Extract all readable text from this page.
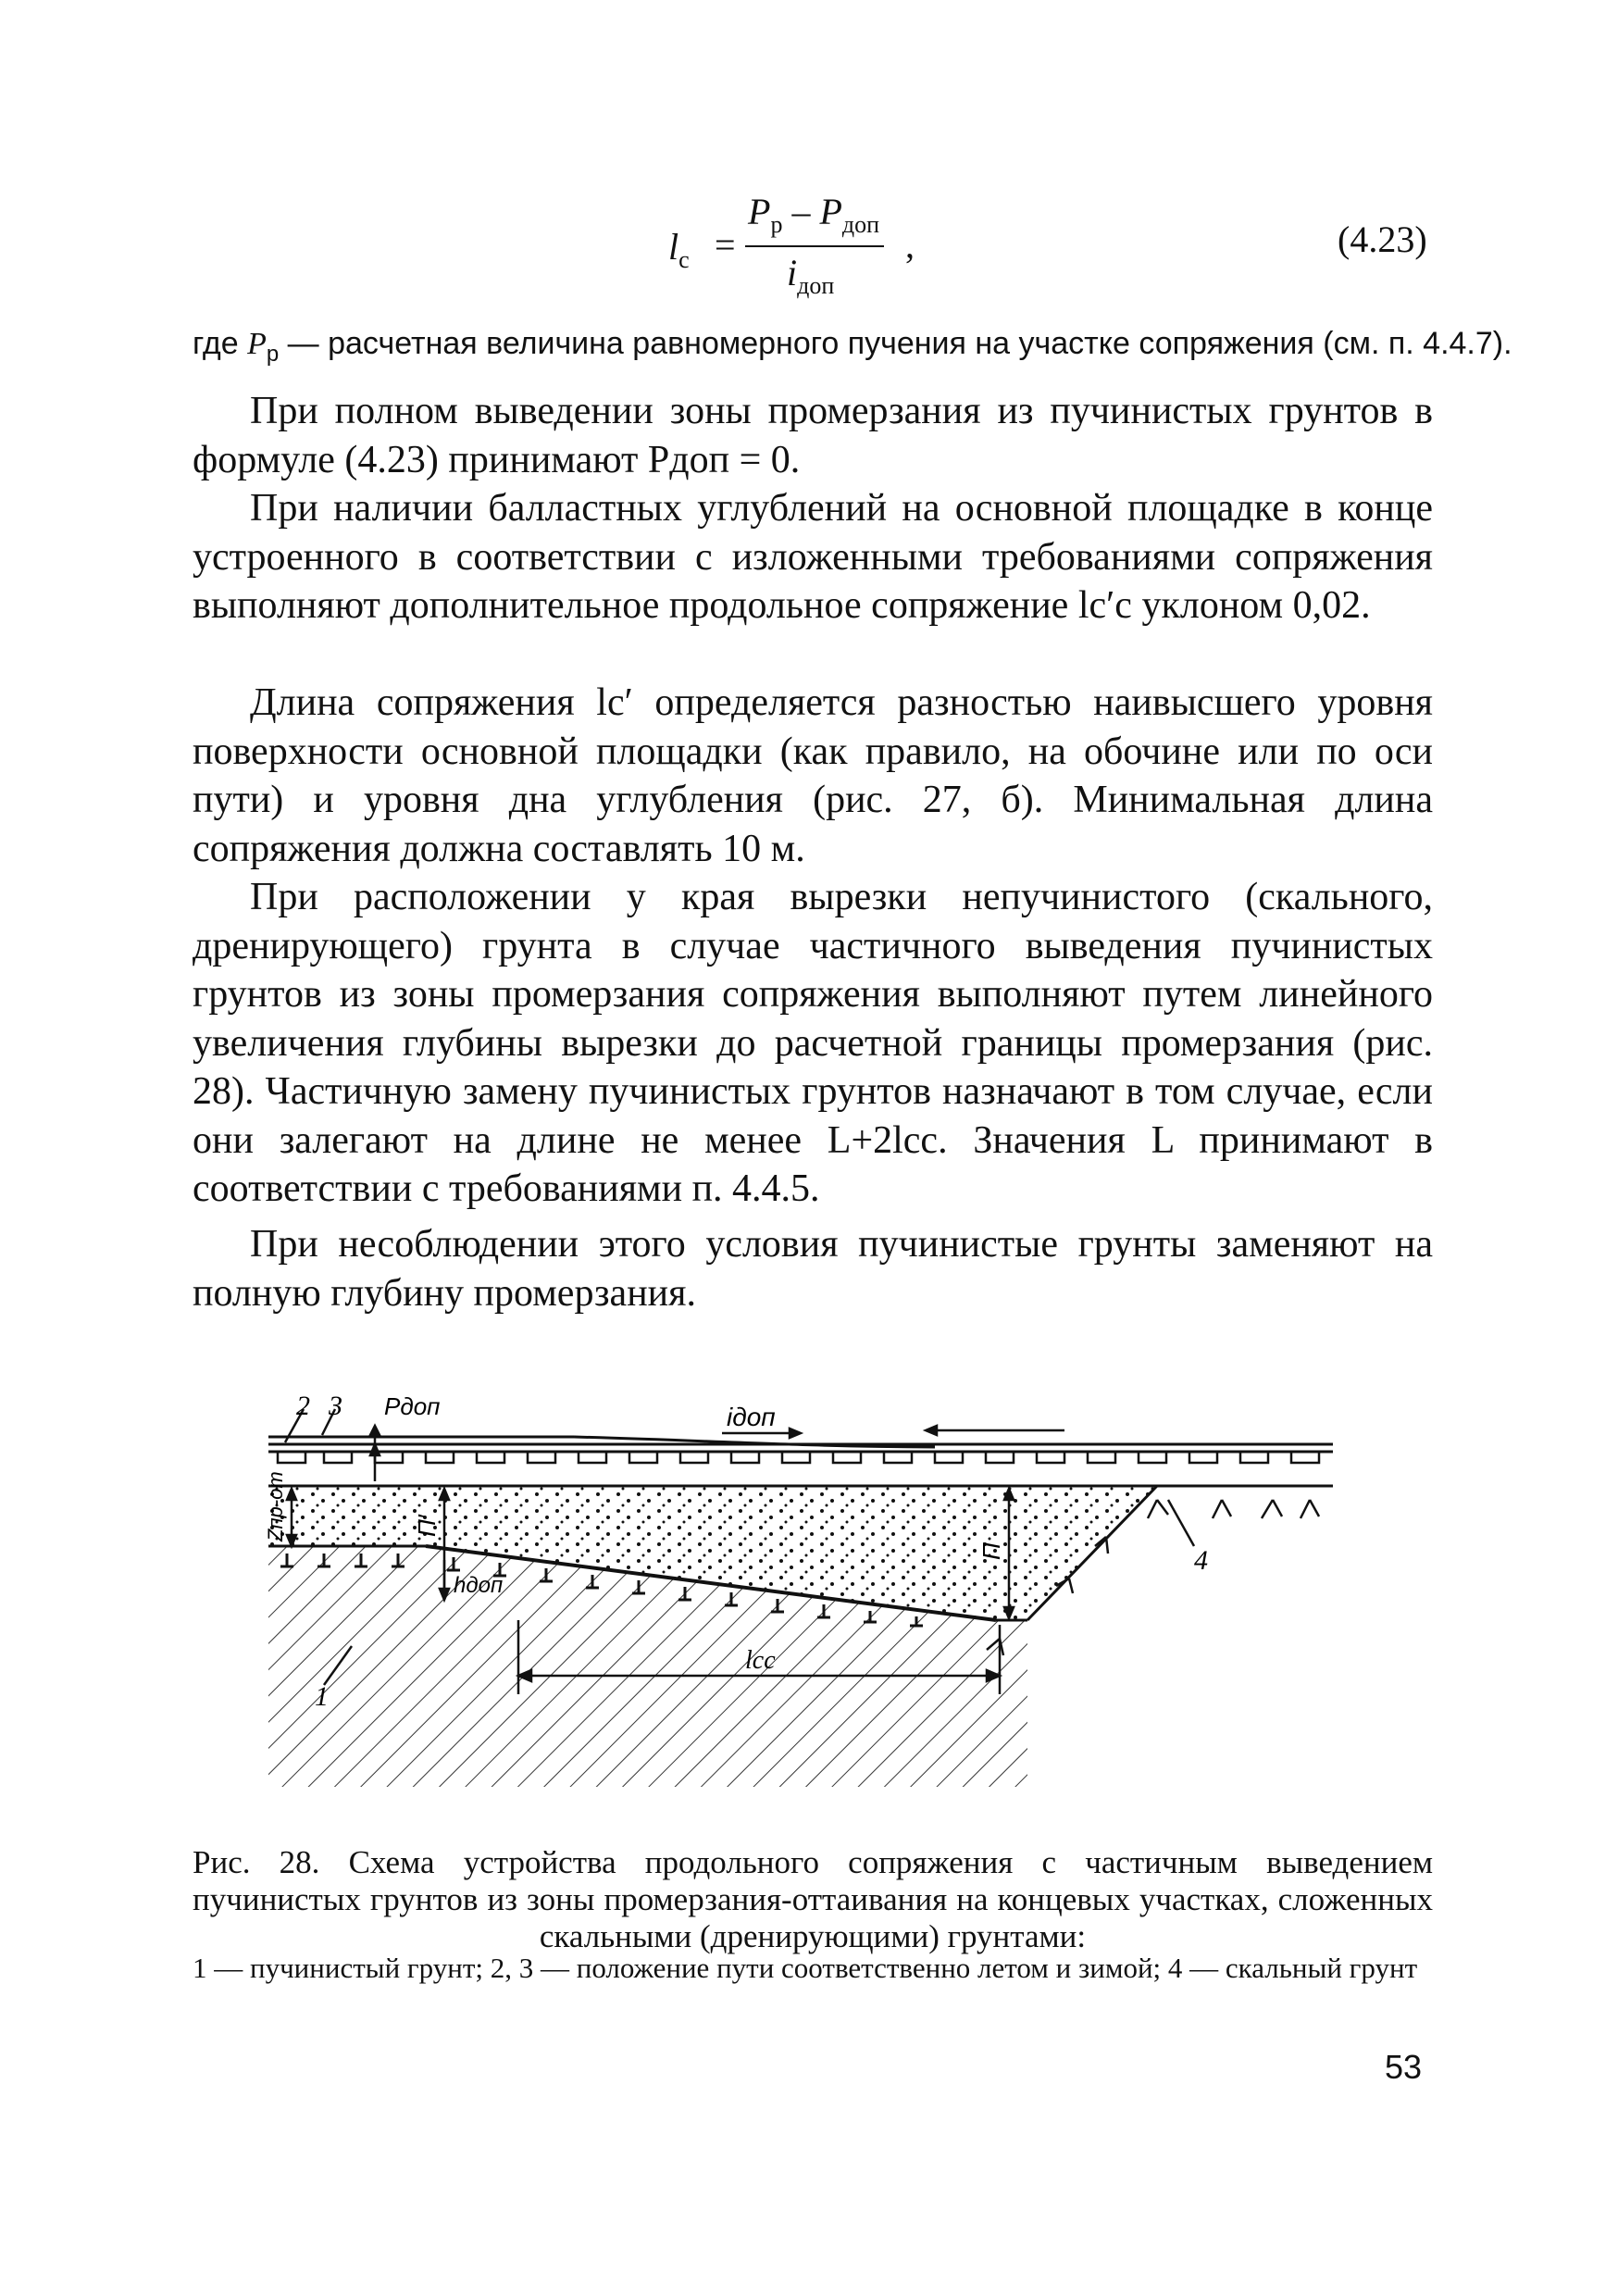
$l_с$ =
$P_р - P_{доп}$
$i_{доп}$
,	(4.23)
где $P_р$ — расчетная величина равномерного пучения на участке сопряжения (см. п. 4.4.7).

При полном выведении зоны промерзания из пучинистых грунтов в формуле (4.23) принимают Pдоп = 0.

При наличии балластных углублений на основной площадке в конце устроенного в соответствии с изложенными требованиями сопряжения выполняют дополнительное продольное сопряжение lс′с уклоном 0,02.

Длина сопряжения lс′ определяется разностью наивысшего уровня поверхности основной площадки (как правило, на обочине или по оси пути) и уровня дна углубления (рис. 27, б). Минимальная длина сопряжения должна составлять 10 м.

При расположении у края вырезки непучинистого (скального, дренирующего) грунта в случае частичного выведения пучинистых грунтов из зоны промерзания сопряжения выполняют путем линейного увеличения глубины вырезки до расчетной границы промерзания (рис. 28). Частичную замену пучинистых грунтов назначают в том случае, если они залегают на длине не менее L+2lсс. Значения L принимают в соответствии с требованиями п. 4.4.5.

При несоблюдении этого условия пучинистые грунты заменяют на полную глубину промерзания.

2 3 Pдоп	iдоп
Zпр-от	П′
П
hдоп
4
1
lcc
Рис. 28. Схема устройства продольного сопряжения с частичным выведением пучинистых грунтов из зоны промерзания-оттаивания на концевых участках, сложенных скальными (дренирующими) грунтами:
1 — пучинистый грунт; 2, 3 — положение пути соответственно летом и зимой; 4 — скальный грунт
53
